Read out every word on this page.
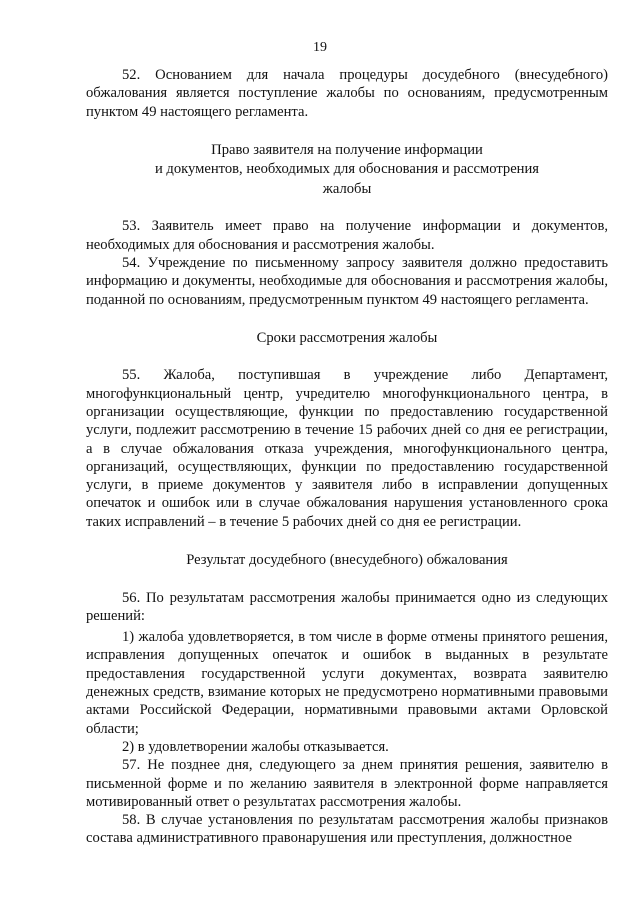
19

52. Основанием для начала процедуры досудебного (внесудебного) обжалования является поступление жалобы по основаниям, предусмотренным пунктом 49 настоящего регламента.

Право заявителя на получение информации

и документов, необходимых для обоснования и рассмотрения

жалобы

53. Заявитель имеет право на получение информации и документов, необходимых для обоснования и рассмотрения жалобы.

54. Учреждение по письменному запросу заявителя должно предоставить информацию и документы, необходимые для обоснования и рассмотрения жалобы, поданной по основаниям, предусмотренным пунктом 49 настоящего регламента.

Сроки рассмотрения жалобы

55. Жалоба, поступившая в учреждение либо Департамент, многофункциональный центр, учредителю многофункционального центра, в организации осуществляющие, функции по предоставлению государственной услуги, подлежит рассмотрению в течение 15 рабочих дней со дня ее регистрации, а в случае обжалования отказа учреждения, многофункционального центра, организаций, осуществляющих, функции по предоставлению государственной услуги, в приеме документов у заявителя либо в исправлении допущенных опечаток и ошибок или в случае обжалования нарушения установленного срока таких исправлений – в течение 5 рабочих дней со дня ее регистрации.

Результат досудебного (внесудебного) обжалования

56. По результатам рассмотрения жалобы принимается одно из следующих решений:

1) жалоба удовлетворяется, в том числе в форме отмены принятого решения, исправления допущенных опечаток и ошибок в выданных в результате предоставления государственной услуги документах, возврата заявителю денежных средств, взимание которых не предусмотрено нормативными правовыми актами Российской Федерации, нормативными правовыми актами Орловской области;

2) в удовлетворении жалобы отказывается.

57. Не позднее дня, следующего за днем принятия решения, заявителю в письменной форме и по желанию заявителя в электронной форме направляется мотивированный ответ о результатах рассмотрения жалобы.

58. В случае установления по результатам рассмотрения жалобы признаков состава административного правонарушения или преступления, должностное
